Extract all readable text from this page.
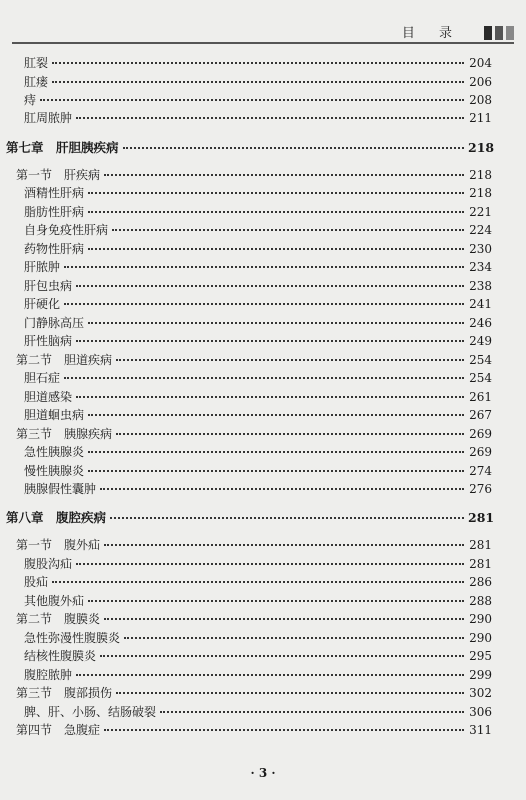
目 录
肛裂	204
肛瘘	206
痔	208
肛周脓肿	211
第七章　肝胆胰疾病	218
第一节　肝疾病	218
酒精性肝病	218
脂肪性肝病	221
自身免疫性肝病	224
药物性肝病	230
肝脓肿	234
肝包虫病	238
肝硬化	241
门静脉高压	246
肝性脑病	249
第二节　胆道疾病	254
胆石症	254
胆道感染	261
胆道蛔虫病	267
第三节　胰腺疾病	269
急性胰腺炎	269
慢性胰腺炎	274
胰腺假性囊肿	276
第八章　腹腔疾病	281
第一节　腹外疝	281
腹股沟疝	281
股疝	286
其他腹外疝	288
第二节　腹膜炎	290
急性弥漫性腹膜炎	290
结核性腹膜炎	295
腹腔脓肿	299
第三节　腹部损伤	302
脾、肝、小肠、结肠破裂	306
第四节　急腹症	311
· 3 ·
